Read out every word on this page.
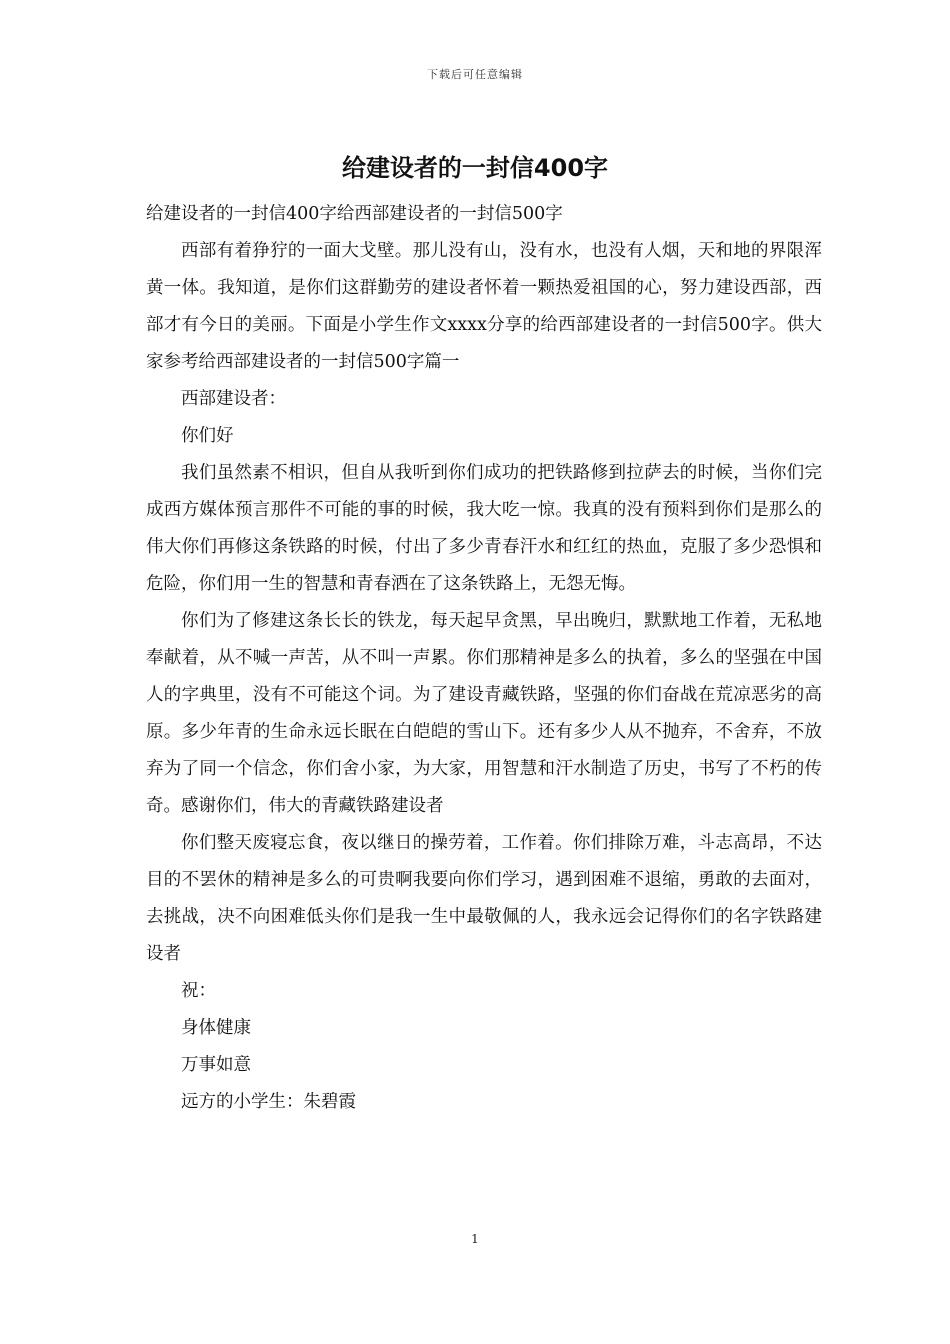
下载后可任意编辑
给建设者的一封信400字

给建设者的一封信400字给西部建设者的一封信500字

西部有着狰狞的一面大戈壁。那儿没有山，没有水，也没有人烟，天和地的界限浑黄一体。我知道，是你们这群勤劳的建设者怀着一颗热爱祖国的心，努力建设西部，西部才有今日的美丽。下面是小学生作文xxxx分享的给西部建设者的一封信500字。供大家参考给西部建设者的一封信500字篇一

西部建设者：

你们好

我们虽然素不相识，但自从我听到你们成功的把铁路修到拉萨去的时候，当你们完成西方媒体预言那件不可能的事的时候，我大吃一惊。我真的没有预料到你们是那么的伟大你们再修这条铁路的时候，付出了多少青春汗水和红红的热血，克服了多少恐惧和危险，你们用一生的智慧和青春洒在了这条铁路上，无怨无悔。

你们为了修建这条长长的铁龙，每天起早贪黑，早出晚归，默默地工作着，无私地奉献着，从不喊一声苦，从不叫一声累。你们那精神是多么的执着，多么的坚强在中国人的字典里，没有不可能这个词。为了建设青藏铁路，坚强的你们奋战在荒凉恶劣的高原。多少年青的生命永远长眠在白皑皑的雪山下。还有多少人从不抛弃，不舍弃，不放弃为了同一个信念，你们舍小家，为大家，用智慧和汗水制造了历史，书写了不朽的传奇。感谢你们，伟大的青藏铁路建设者

你们整天废寝忘食，夜以继日的操劳着，工作着。你们排除万难，斗志高昂，不达目的不罢休的精神是多么的可贵啊我要向你们学习，遇到困难不退缩，勇敢的去面对，去挑战，决不向困难低头你们是我一生中最敬佩的人，我永远会记得你们的名字铁路建设者

祝：

身体健康

万事如意

远方的小学生：朱碧霞

1
